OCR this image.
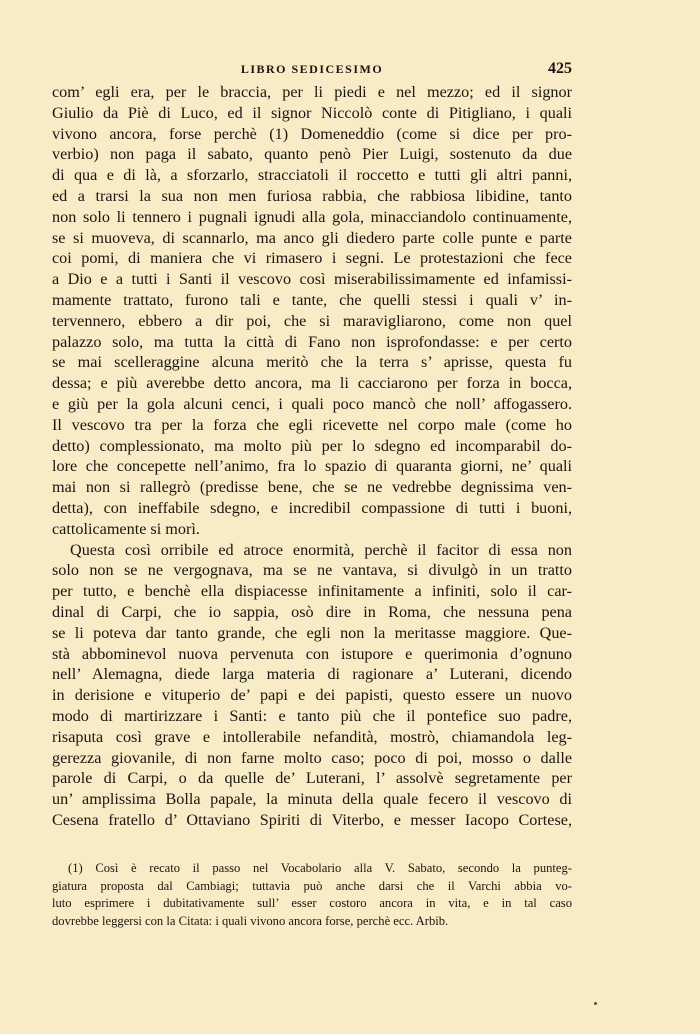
LIBRO SEDICESIMO	425
com’ egli era, per le braccia, per li piedi e nel mezzo; ed il signor
Giulio da Piè di Luco, ed il signor Niccolò conte di Pitigliano, i quali
vivono ancora, forse perchè (1) Domeneddio (come si dice per pro-
verbio) non paga il sabato, quanto penò Pier Luigi, sostenuto da due
di qua e di là, a sforzarlo, stracciatoli il roccetto e tutti gli altri panni,
ed a trarsi la sua non men furiosa rabbia, che rabbiosa libidine, tanto
non solo li tennero i pugnali ignudi alla gola, minacciandolo continuamente,
se si muoveva, di scannarlo, ma anco gli diedero parte colle punte e parte
coi pomi, di maniera che vi rimasero i segni. Le protestazioni che fece
a Dio e a tutti i Santi il vescovo così miserabilissimamente ed infamissi-
mamente trattato, furono tali e tante, che quelli stessi i quali v’ in-
tervennero, ebbero a dir poi, che si maravigliarono, come non quel
palazzo solo, ma tutta la città di Fano non isprofondasse: e per certo
se mai scelleraggine alcuna meritò che la terra s’ aprisse, questa fu
dessa; e più averebbe detto ancora, ma li cacciarono per forza in bocca,
e giù per la gola alcuni cenci, i quali poco mancò che noll’ affogassero.
Il vescovo tra per la forza che egli ricevette nel corpo male (come ho
detto) complessionato, ma molto più per lo sdegno ed incomparabil do-
lore che concepette nell’animo, fra lo spazio di quaranta giorni, ne’ quali
mai non si rallegrò (predisse bene, che se ne vedrebbe degnissima ven-
detta), con ineffabile sdegno, e incredibil compassione di tutti i buoni,
cattolicamente si morì.
Questa così orribile ed atroce enormità, perchè il facitor di essa non
solo non se ne vergognava, ma se ne vantava, si divulgò in un tratto
per tutto, e benchè ella dispiacesse infinitamente a infiniti, solo il car-
dinal di Carpi, che io sappia, osò dire in Roma, che nessuna pena
se li poteva dar tanto grande, che egli non la meritasse maggiore. Que-
stà abbominevol nuova pervenuta con istupore e querimonia d’ognuno
nell’ Alemagna, diede larga materia di ragionare a’ Luterani, dicendo
in derisione e vituperio de’ papi e dei papisti, questo essere un nuovo
modo di martirizzare i Santi: e tanto più che il pontefice suo padre,
risaputa così grave e intollerabile nefandità, mostrò, chiamandola leg-
gerezza giovanile, di non farne molto caso; poco di poi, mosso o dalle
parole di Carpi, o da quelle de’ Luterani, l’ assolvè segretamente per
un’ amplissima Bolla papale, la minuta della quale fecero il vescovo di
Cesena fratello d’ Ottaviano Spiriti di Viterbo, e messer Iacopo Cortese,
(1) Così è recato il passo nel Vocabolario alla V. Sabato, secondo la punteg-
giatura proposta dal Cambiagi; tuttavia può anche darsi che il Varchi abbia vo-
luto esprimere i dubitativamente sull’ esser costoro ancora in vita, e in tal caso
dovrebbe leggersi con la Citata: i quali vivono ancora forse, perchè ecc. Arbib.
